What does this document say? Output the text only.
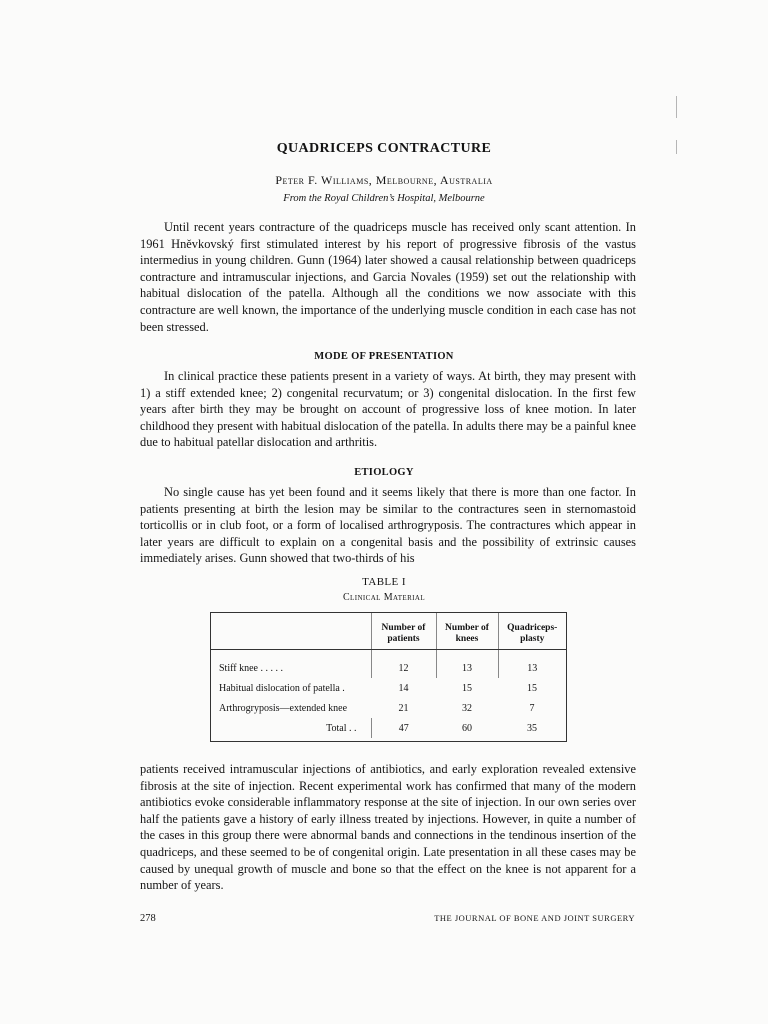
QUADRICEPS CONTRACTURE
Peter F. Williams, Melbourne, Australia
From the Royal Children’s Hospital, Melbourne

Until recent years contracture of the quadriceps muscle has received only scant attention. In 1961 Hněvkovský first stimulated interest by his report of progressive fibrosis of the vastus intermedius in young children. Gunn (1964) later showed a causal relationship between quadriceps contracture and intramuscular injections, and Garcia Novales (1959) set out the relationship with habitual dislocation of the patella. Although all the conditions we now associate with this contracture are well known, the importance of the underlying muscle condition in each case has not been stressed.

MODE OF PRESENTATION

In clinical practice these patients present in a variety of ways. At birth, they may present with 1) a stiff extended knee; 2) congenital recurvatum; or 3) congenital dislocation. In the first few years after birth they may be brought on account of progressive loss of knee motion. In later childhood they present with habitual dislocation of the patella. In adults there may be a painful knee due to habitual patellar dislocation and arthritis.

ETIOLOGY

No single cause has yet been found and it seems likely that there is more than one factor. In patients presenting at birth the lesion may be similar to the contractures seen in sternomastoid torticollis or in club foot, or a form of localised arthrogryposis. The contractures which appear in later years are difficult to explain on a congenital basis and the possibility of extrinsic causes immediately arises. Gunn showed that two-thirds of his

TABLE I
Clinical Material
	Number of patients	Number of knees	Quadriceps-plasty
Stiff knee . . . . .	12	13	13
Habitual dislocation of patella .	14	15	15
Arthrogryposis—extended knee	21	32	7
Total . .	47	60	35

patients received intramuscular injections of antibiotics, and early exploration revealed extensive fibrosis at the site of injection. Recent experimental work has confirmed that many of the modern antibiotics evoke considerable inflammatory response at the site of injection. In our own series over half the patients gave a history of early illness treated by injections. However, in quite a number of the cases in this group there were abnormal bands and connections in the tendinous insertion of the quadriceps, and these seemed to be of congenital origin. Late presentation in all these cases may be caused by unequal growth of muscle and bone so that the effect on the knee is not apparent for a number of years.

278	THE JOURNAL OF BONE AND JOINT SURGERY
